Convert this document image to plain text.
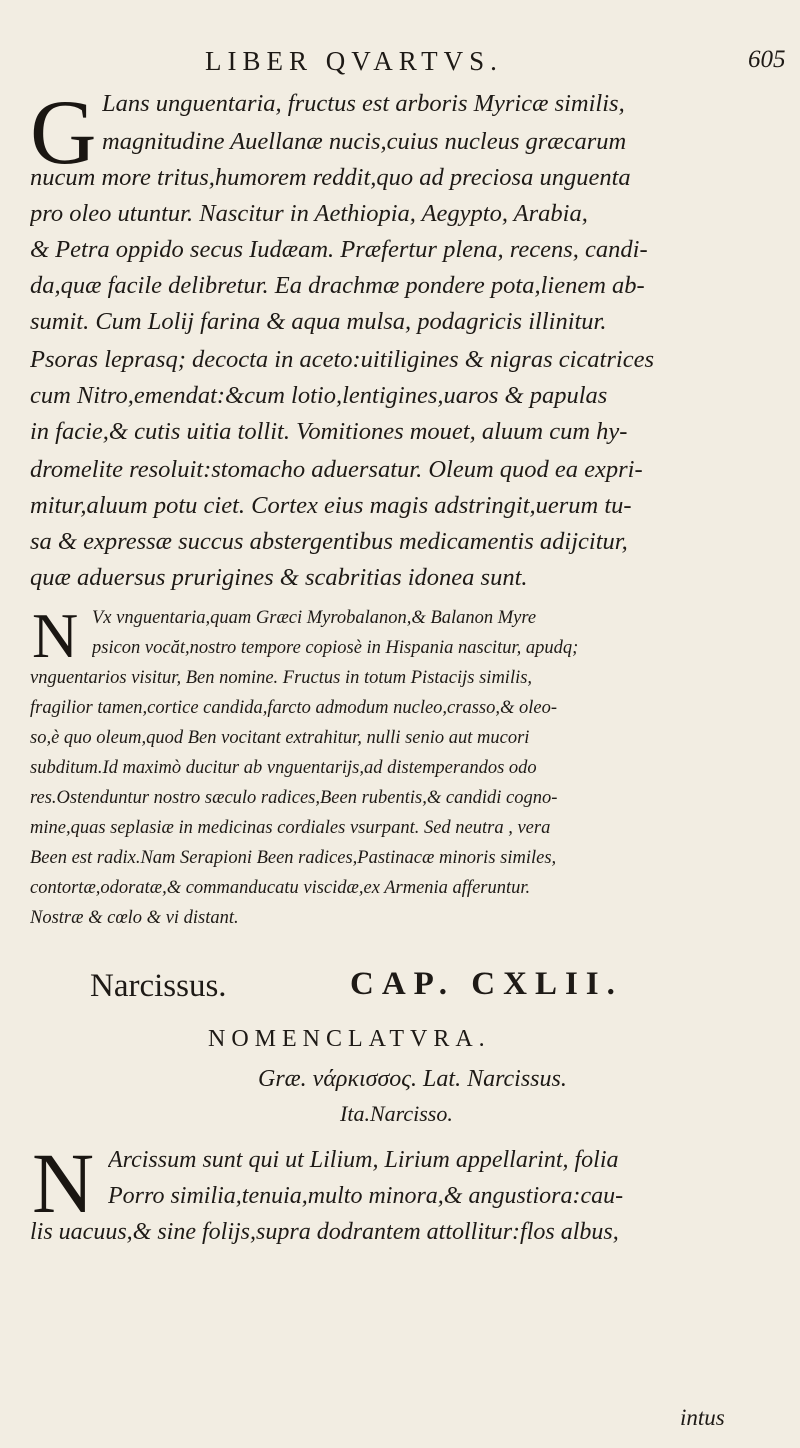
LIBER QVARTVS.	605
G Lans unguentaria, fructus est arboris Myricæ similis,
magnitudine Auellanæ nucis,cuius nucleus græcarum
nucum more tritus,humorem reddit,quo ad preciosa unguenta
pro oleo utuntur. Nascitur in Aethiopia, Aegypto, Arabia,
& Petra oppido secus Iudæam. Præfertur plena, recens, candi-
da,quæ facile delibretur. Ea drachmæ pondere pota,lienem ab-
sumit. Cum Lolij farina & aqua mulsa, podagricis illinitur.
Psoras leprasq; decocta in aceto:uitiligines & nigras cicatrices
cum Nitro,emendat:&cum lotio,lentigines,uaros & papulas
in facie,& cutis uitia tollit. Vomitiones mouet, aluum cum hy-
dromelite resoluit:stomacho aduersatur. Oleum quod ea expri-
mitur,aluum potu ciet. Cortex eius magis adstringit,uerum tu-
sa & expressæ succus abstergentibus medicamentis adijcitur,
quæ aduersus prurigines & scabritias idonea sunt.
N Vx vnguentaria,quam Græci Myrobalanon,& Balanon Myre
psicon vocăt,nostro tempore copiosè in Hispania nascitur, apudq;
vnguentarios visitur, Ben nomine. Fructus in totum Pistacijs similis,
fragilior tamen,cortice candida,farcto admodum nucleo,crasso,& oleo-
so,è quo oleum,quod Ben vocitant extrahitur, nulli senio aut mucori
subditum.Id maximò ducitur ab vnguentarijs,ad distemperandos odo
res.Ostenduntur nostro sæculo radices,Been rubentis,& candidi cogno-
mine,quas seplasiæ in medicinas cordiales vsurpant. Sed neutra , vera
Been est radix.Nam Serapioni Been radices,Pastinacæ minoris similes,
contortæ,odoratæ,& commanducatu viscidæ,ex Armenia afferuntur.
Nostræ & cœlo & vi distant.
Narcissus.	CAP. CXLII.
NOMENCLATVRA.
Græ. νάρκισσος. Lat. Narcissus.
Ita.Narcisso.
N Arcissum sunt qui ut Lilium, Lirium appellarint, folia
Porro similia,tenuia,multo minora,& angustiora:cau-
lis uacuus,& sine folijs,supra dodrantem attollitur:flos albus,
intus
